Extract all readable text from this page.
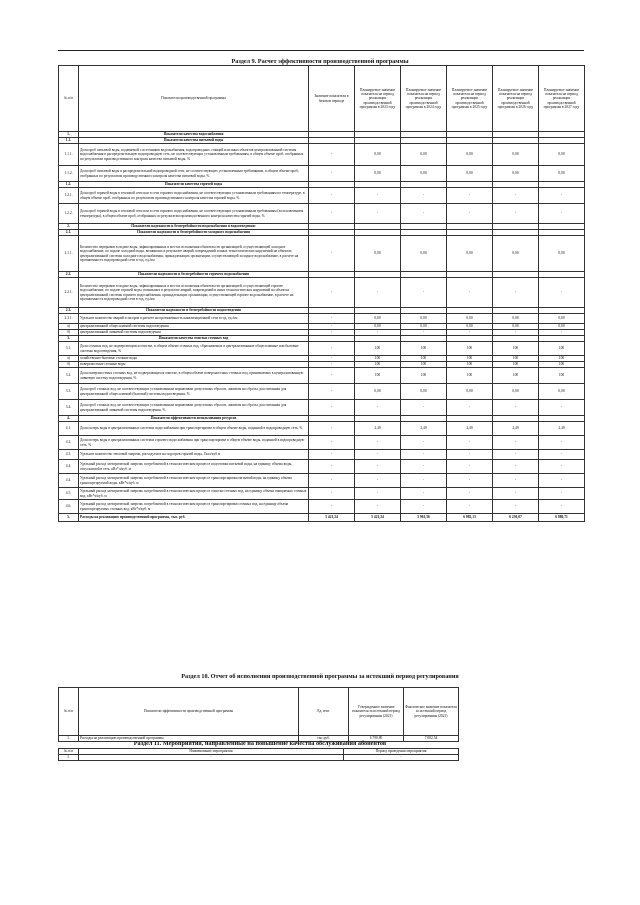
Раздел 9. Расчет эффективности производственной программы
№ п/п	Показатели производственной программы	Значение показателя в базовом периоде	Планируемое значение показателя на период реализации производственной программы в 2023 году	Планируемое значение показателя на период реализации производственной программы в 2024 году	Планируемое значение показателя на период реализации производственной программы в 2025 году	Планируемое значение показателя на период реализации производственной программы в 2026 году	Планируемое значение показателя на период реализации производственной программы в 2027 году
1.	Показатели качества водоснабжения						
1.1.	Показатели качества питьевой воды						
1.1.1.	Доля проб питьевой воды, подаваемой с источников водоснабжения, водопроводных станций или иных объектов централизованной системы водоснабжения в распределительную водопроводную сеть, не соответствующих установленным требованиям, в общем объеме проб, отобранных по результатам производственного контроля качества питьевой воды, %	-	0,00	0,00	0,00	0,00	0,00
1.1.2.	Доля проб питьевой воды в распределительной водопроводной сети, не соответствующих установленным требованиям, в общем объеме проб, отобранных по результатам производственного контроля качества питьевой воды, %	-	0,00	0,00	0,00	0,00	0,00
1.2.	Показатели качества горячей воды						
1.2.1.	Доля проб горячей воды в тепловой сети или в сети горячего водоснабжения, не соответствующих установленным требованиям по температуре, в общем объеме проб, отобранных по результатам производственного контроля качества горячей воды, %	-	-	-	-	-	-
1.2.2.	Доля проб горячей воды в тепловой сети или в сети горячего водоснабжения, не соответствующих установленным требованиям (за исключением температуры), в общем объеме проб, отобранных по результатам производственного контроля качества горячей воды, %	-	-	-	-	-	-
2.	Показатели надежности и бесперебойности водоснабжения и водоотведения:						
2.1.	Показатели надежности и бесперебойности холодного водоснабжения						
2.1.1.	Количество перерывов в подаче воды, зафиксированных в местах исполнения обязательств организацией, осуществляющей холодное водоснабжение, по подаче холодной воды, возникших в результате аварий, повреждений и иных технологических нарушений на объектах централизованной системы холодного водоснабжения, принадлежащих организации, осуществляющей холодное водоснабжение, в расчете на протяженность водопроводной сети в год, ед./км	-	0,00	0,00	0,00	0,00	0,00
2.2.	Показатели надежности и бесперебойности горячего водоснабжения						
2.2.1.	Количество перерывов в подаче воды, зафиксированных в местах исполнения обязательств организацией, осуществляющей горячее водоснабжение, по подаче горячей воды, возникших в результате аварий, повреждений и иных технологических нарушений на объектах централизованной системы горячего водоснабжения, принадлежащих организации, осуществляющей горячее водоснабжение, в расчете на протяженность водопроводной сети в год, ед./км	-	-	-	-	-	-
2.3.	Показатели надежности и бесперебойности водоотведения						
2.3.1.	Удельное количество аварий и засоров в расчете на протяженность канализационной сети в год, ед./км	-	0,00	0,00	0,00	0,00	0,00
а)	централизованной общесплавной системы водоотведения	-	0,00	0,00	0,00	0,00	0,00
б)	централизованной ливневой системы водоотведения	-	-	-	-	-	-
3.	Показатели качества очистки сточных вод						
3.1.	Доля сточных вод, не подвергающихся очистке, в общем объеме сточных вод, сбрасываемых в централизованные общесплавные или бытовые системы водоотведения, %	-	100	100	100	100	100
а)	хозяйственно-бытовые сточные воды	-	100	100	100	100	100
б)	поверхностные сточные воды	-	100	100	100	100	100
3.2.	Доля поверхностных сточных вод, не подвергающихся очистке, в общем объеме поверхностных сточных вод, принимаемых в централизованную ливневую систему водоотведения, %	-	100	100	100	100	100
3.3.	Доля проб сточных вод, не соответствующих установленным нормативам допустимых сбросов, лимитам на сбросы, рассчитанная для централизованной общесплавной (бытовой) системы водоотведения, %	-	0,00	0,00	0,00	0,00	0,00
3.4.	Доля проб сточных вод, не соответствующих установленным нормативам допустимых сбросов, лимитам на сбросы, рассчитанная для централизованной ливневой системы водоотведения, %	-	-	-	-	-	-
4.	Показатели эффективности использования ресурсов						
4.1.	Доля потерь воды в централизованных системах водоснабжения при транспортировке в общем объеме воды, поданной в водопроводную сеть, %	-	2,49	2,49	2,49	2,49	2,49
4.2.	Доля потерь воды в централизованных системах горячего водоснабжения при транспортировке в общем объеме воды, поданной в водопроводную сеть, %	-	-	-	-	-	-
4.3.	Удельное количество тепловой энергии, расходуемое на подогрев горячей воды, Гкал/куб.м	-	-	-	-	-	-
4.4.	Удельный расход электрической энергии, потребляемой в технологическом процессе подготовки питьевой воды, на единицу объема воды, отпускаемой в сеть, кВт*ч/куб. м	-	-	-	-	-	-
4.4.	Удельный расход электрической энергии, потребляемой в технологическом процессе транспортировки питьевой воды, на единицу объема транспортируемой воды, кВт*ч/куб. м	-	-	-	-	-	-
4.5.	Удельный расход электрической энергии, потребляемой в технологическом процессе очистки сточных вод, на единицу объема очищаемых сточных вод, кВт*ч/куб. м	-	-	-	-	-	-
4.6.	Удельный расход электрической энергии, потребляемой в технологическом процессе транспортировки сточных вод, на единицу объема транспортируемых сточных вод, кВт*ч/куб. м	-	-	-	-	-	-
5.	Расходы на реализацию производственной программы, тыс. руб.	5 421,24	5 421,24	5 961,56	6 082,13	6 250,07	6 880,71
Раздел 10. Отчет об исполнении производственной программы за истекший период регулирования
№ п/п	Показатели эффективности производственной программы	Ед. изм.	Утвержденное значение показателя за истекший период регулирования (2021)	Фактическое значение показателя за истекший период регулирования (2021)
1.	Расходы на реализацию производственной программы	тыс.руб.	6 790,80	7 082,54
Раздел 11. Мероприятия, направленные на повышение качества обслуживания абонентов
№ п/п	Наименование мероприятия	Период проведения мероприятия
1.	-	-
